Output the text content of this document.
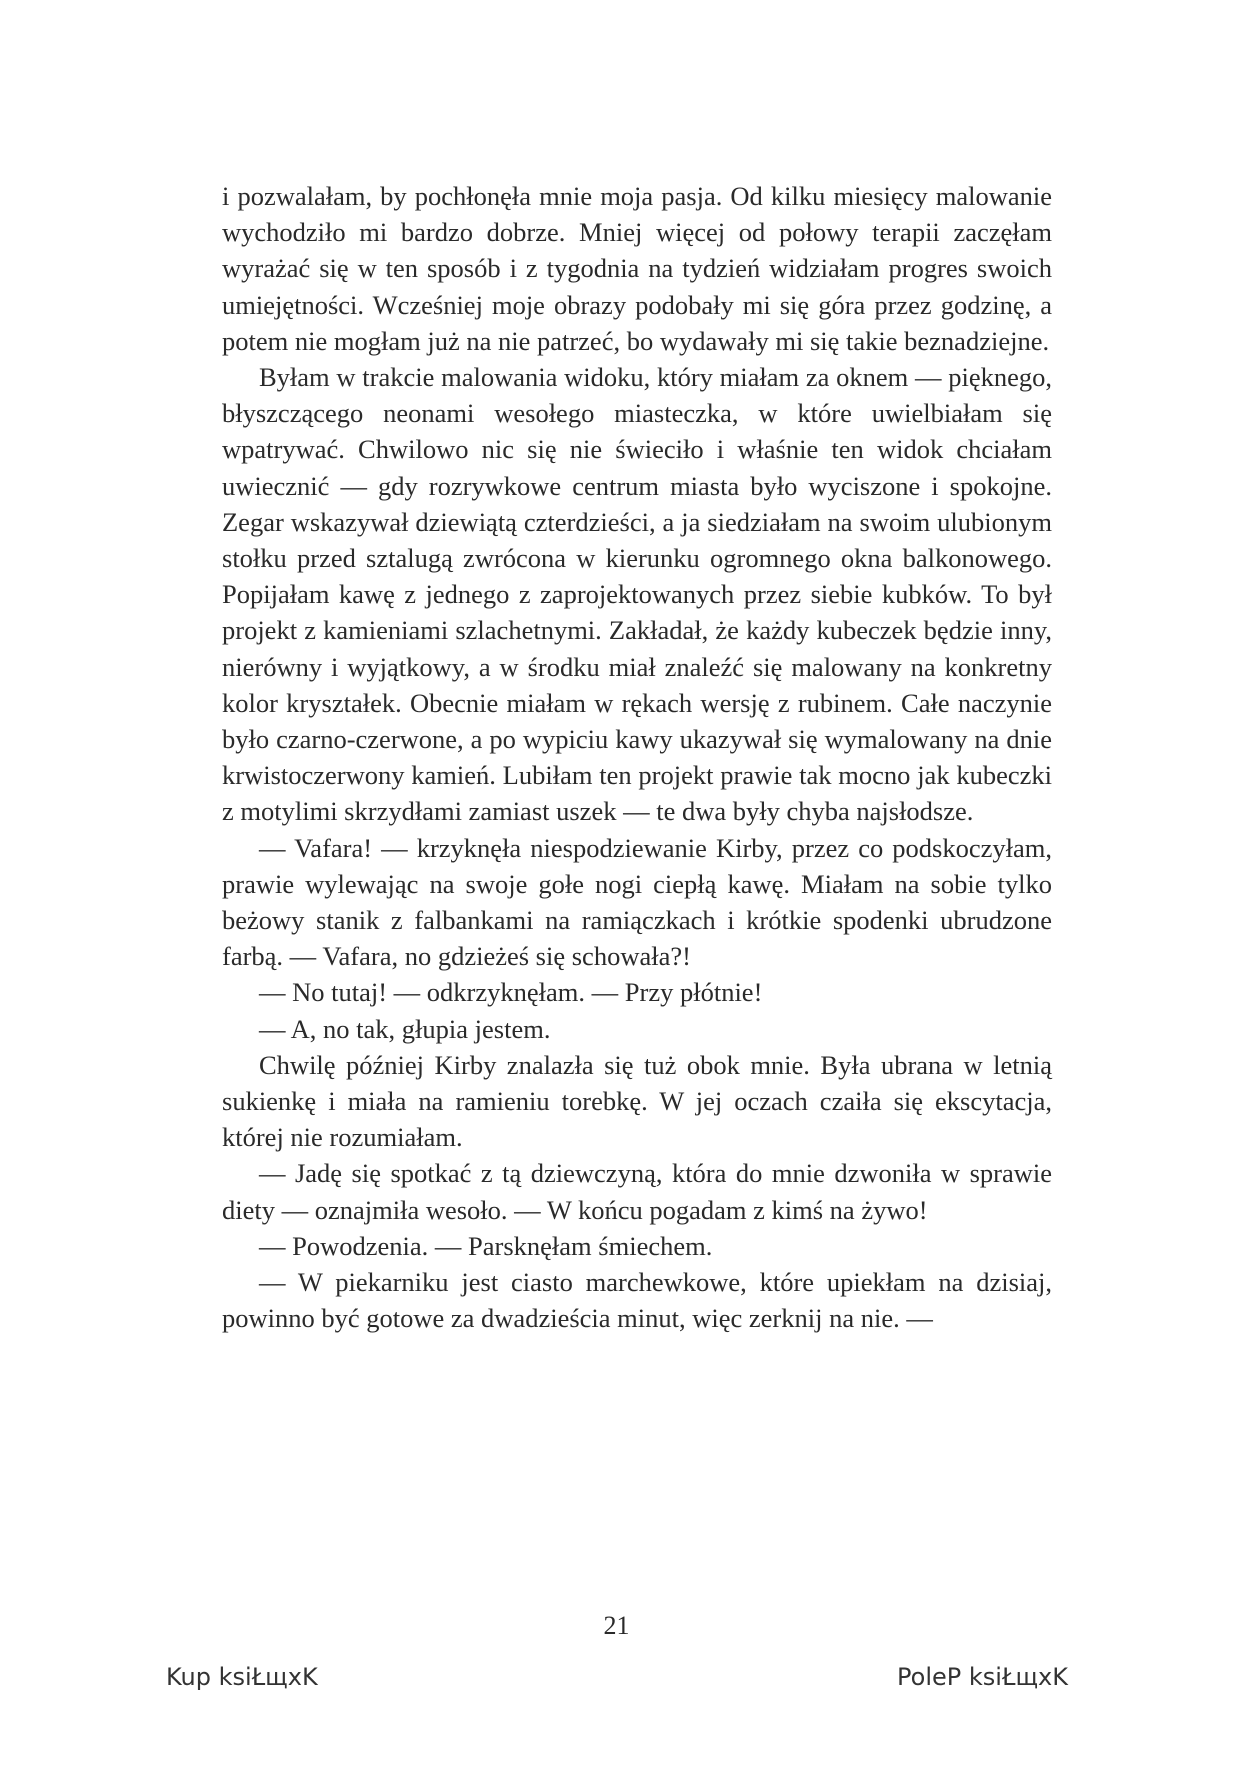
i pozwalałam, by pochłonęła mnie moja pasja. Od kilku miesięcy malowanie wychodziło mi bardzo dobrze. Mniej więcej od połowy terapii zaczęłam wyrażać się w ten sposób i z tygodnia na tydzień widziałam progres swoich umiejętności. Wcześniej moje obrazy podobały mi się góra przez godzinę, a potem nie mogłam już na nie patrzeć, bo wydawały mi się takie beznadziejne.

Byłam w trakcie malowania widoku, który miałam za oknem — pięknego, błyszczącego neonami wesołego miasteczka, w które uwielbiałam się wpatrywać. Chwilowo nic się nie świeciło i właśnie ten widok chciałam uwiecznić — gdy rozrywkowe centrum miasta było wyciszone i spokojne. Zegar wskazywał dziewiątą czterdzieści, a ja siedziałam na swoim ulubionym stołku przed sztalugą zwrócona w kierunku ogromnego okna balkonowego. Popijałam kawę z jednego z zaprojektowanych przez siebie kubków. To był projekt z kamieniami szlachetnymi. Zakładał, że każdy kubeczek będzie inny, nierówny i wyjątkowy, a w środku miał znaleźć się malowany na konkretny kolor kryształek. Obecnie miałam w rękach wersję z rubinem. Całe naczynie było czarno-czerwone, a po wypiciu kawy ukazywał się wymalowany na dnie krwistoczerwony kamień. Lubiłam ten projekt prawie tak mocno jak kubeczki z motylimi skrzydłami zamiast uszek — te dwa były chyba najsłodsze.

— Vafara! — krzyknęła niespodziewanie Kirby, przez co podskoczyłam, prawie wylewając na swoje gołe nogi ciepłą kawę. Miałam na sobie tylko beżowy stanik z falbankami na ramiączkach i krótkie spodenki ubrudzone farbą. — Vafara, no gdzieżeś się schowała?!

— No tutaj! — odkrzyknęłam. — Przy płótnie!

— A, no tak, głupia jestem.

Chwilę później Kirby znalazła się tuż obok mnie. Była ubrana w letnią sukienkę i miała na ramieniu torebkę. W jej oczach czaiła się ekscytacja, której nie rozumiałam.

— Jadę się spotkać z tą dziewczyną, która do mnie dzwoniła w sprawie diety — oznajmiła wesoło. — W końcu pogadam z kimś na żywo!

— Powodzenia. — Parsknęłam śmiechem.

— W piekarniku jest ciasto marchewkowe, które upiekłam na dzisiaj, powinno być gotowe za dwadzieścia minut, więc zerknij na nie. —

21
Kup ksiŁщхK	PoleP ksiŁщхK
